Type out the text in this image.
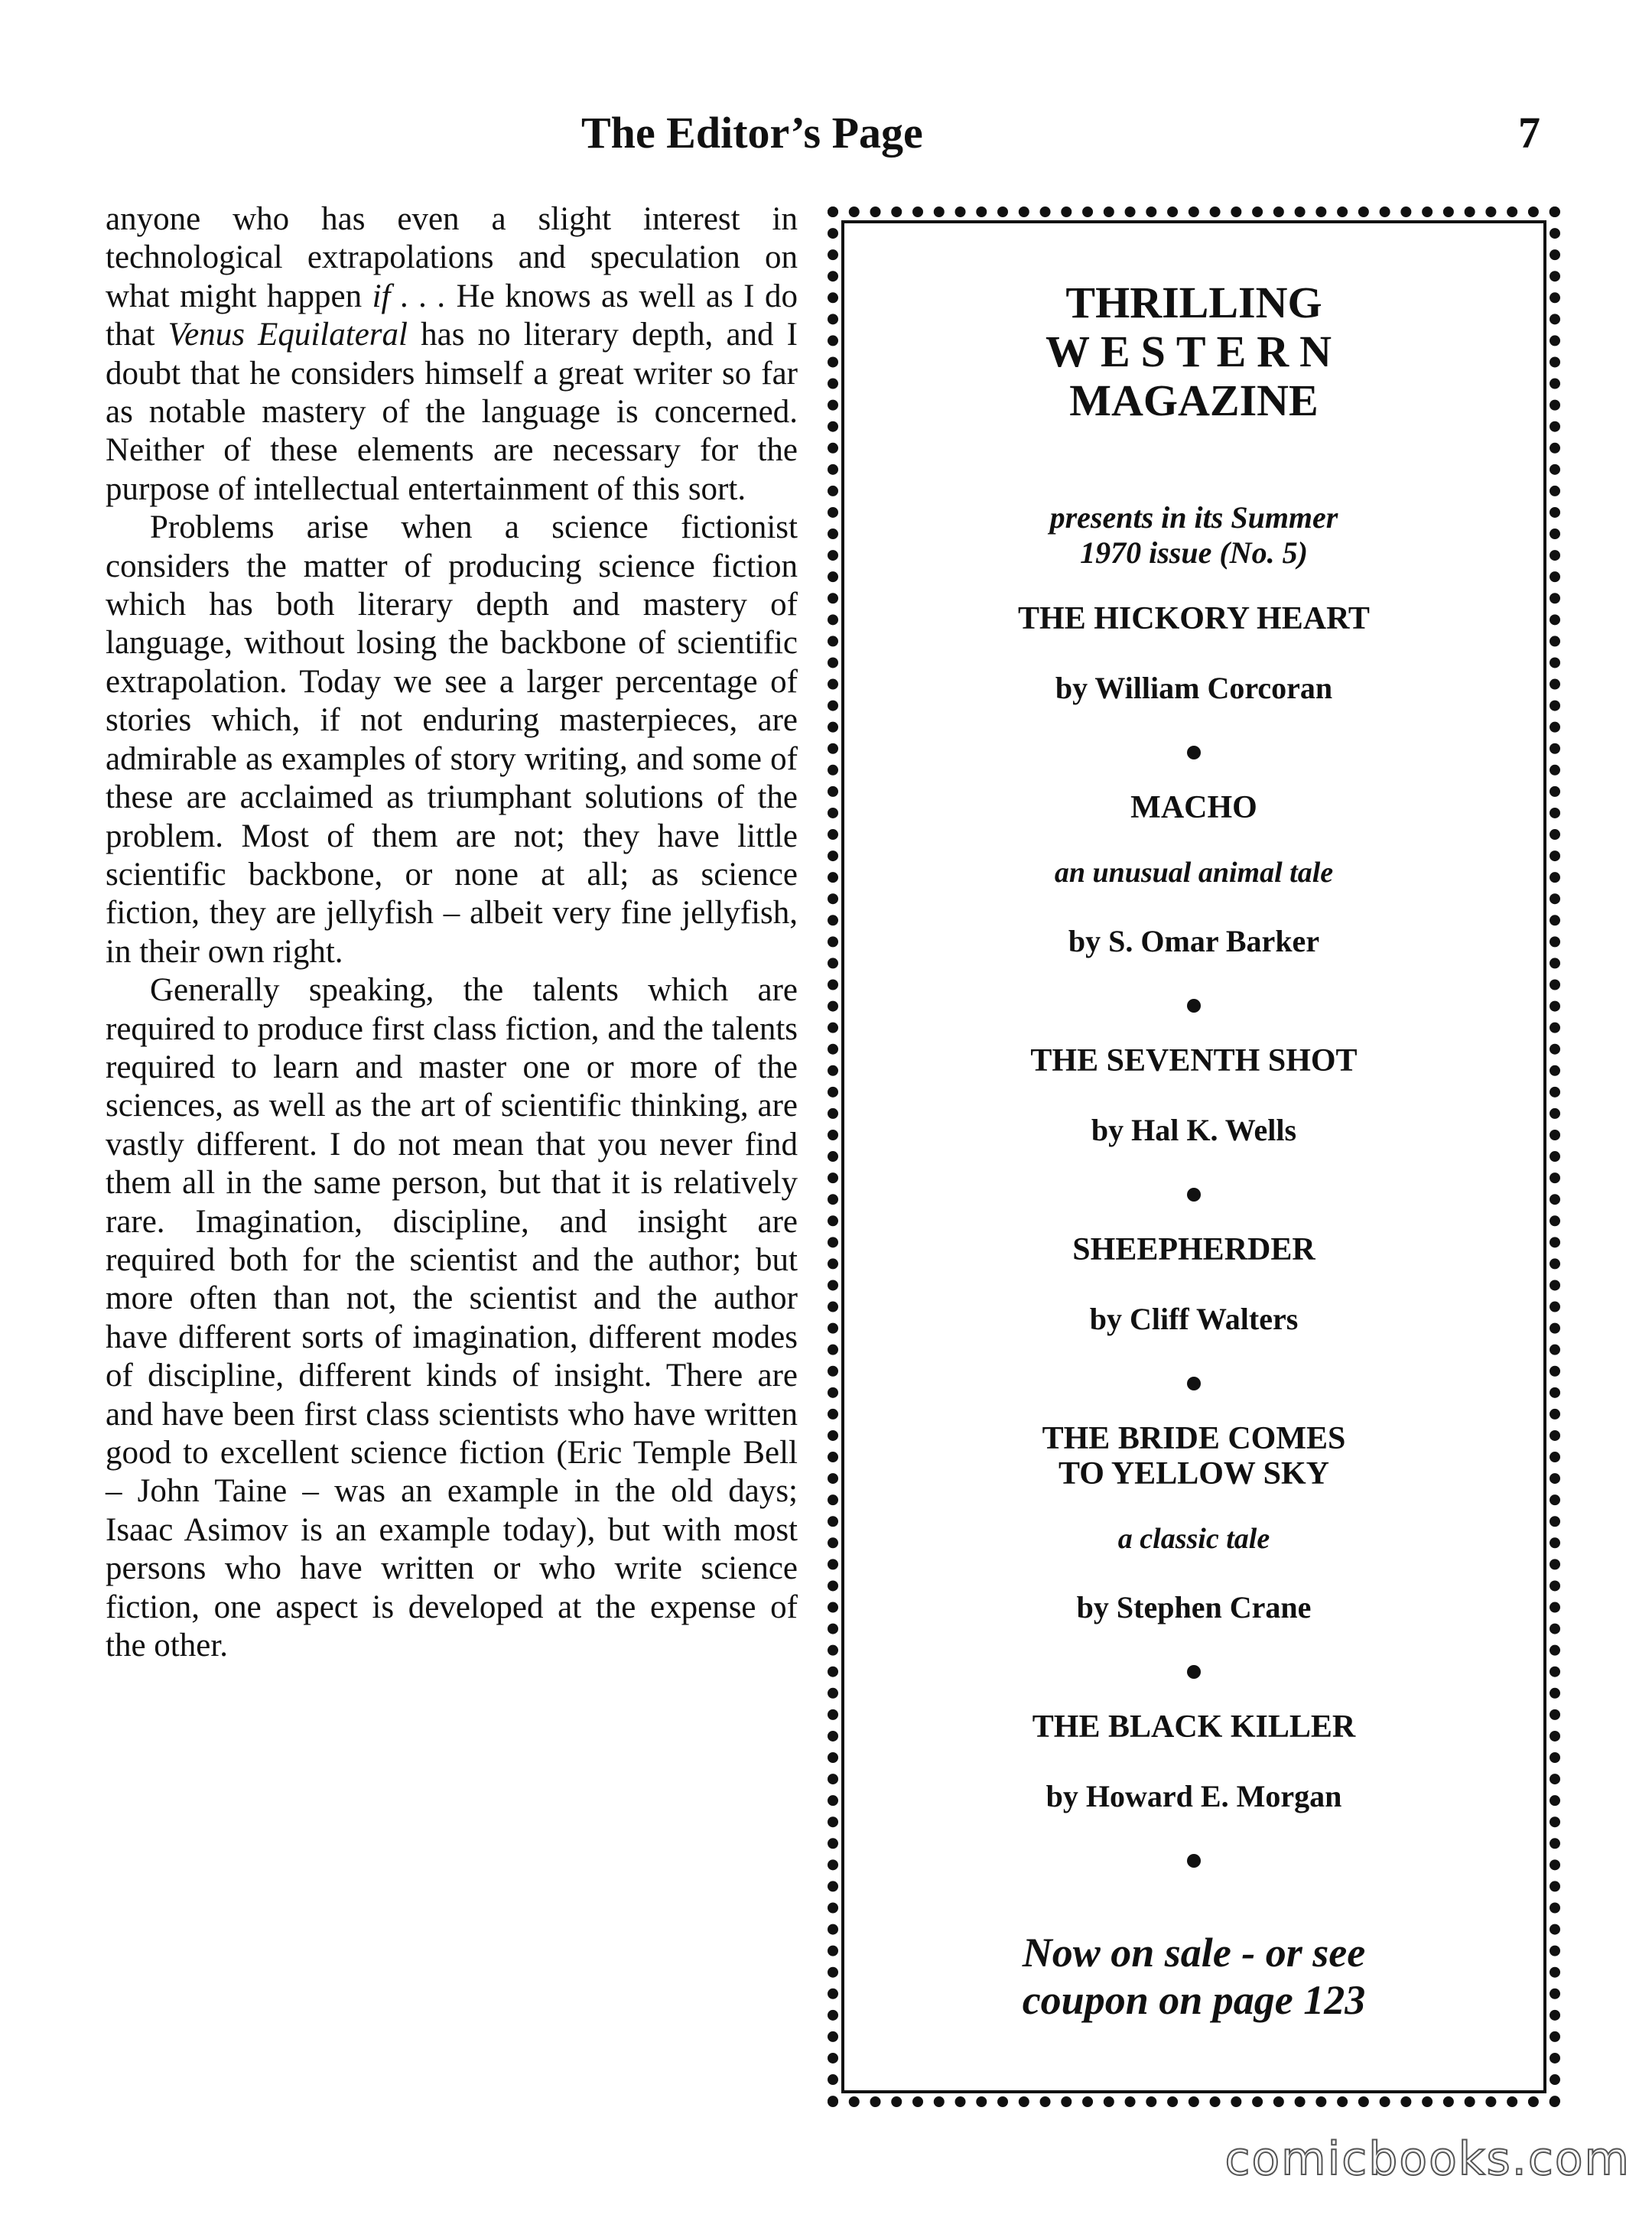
The Editor’s Page	7

anyone who has even a slight interest in technological extrapolations and speculation on what might happen if . . . He knows as well as I do that Venus Equilateral has no literary depth, and I doubt that he considers himself a great writer so far as notable mastery of the language is concerned. Neither of these elements are necessary for the purpose of intellectual entertainment of this sort.

Problems arise when a science fictionist considers the matter of producing science fiction which has both literary depth and mastery of language, without losing the backbone of scientific extrapolation. Today we see a larger percentage of stories which, if not enduring masterpieces, are admirable as examples of story writing, and some of these are acclaimed as triumphant solutions of the problem. Most of them are not; they have little scientific backbone, or none at all; as science fiction, they are jellyfish – albeit very fine jellyfish, in their own right.

Generally speaking, the talents which are required to produce first class fiction, and the talents required to learn and master one or more of the sciences, as well as the art of scientific thinking, are vastly different. I do not mean that you never find them all in the same person, but that it is relatively rare. Imagination, discipline, and insight are required both for the scientist and the author; but more often than not, the scientist and the author have different sorts of imagination, different modes of discipline, different kinds of insight. There are and have been first class scientists who have written good to excellent science fiction (Eric Temple Bell – John Taine – was an example in the old days; Isaac Asimov is an example today), but with most persons who have written or who write science fiction, one aspect is developed at the expense of the other.

THRILLING
WESTERN
MAGAZINE
presents in its Summer
1970 issue (No. 5)
THE HICKORY HEART
by William Corcoran
MACHO
an unusual animal tale
by S. Omar Barker
THE SEVENTH SHOT
by Hal K. Wells
SHEEPHERDER
by Cliff Walters
THE BRIDE COMES
TO YELLOW SKY
a classic tale
by Stephen Crane
THE BLACK KILLER
by Howard E. Morgan
Now on sale - or see
coupon on page 123
comicbooks.com
